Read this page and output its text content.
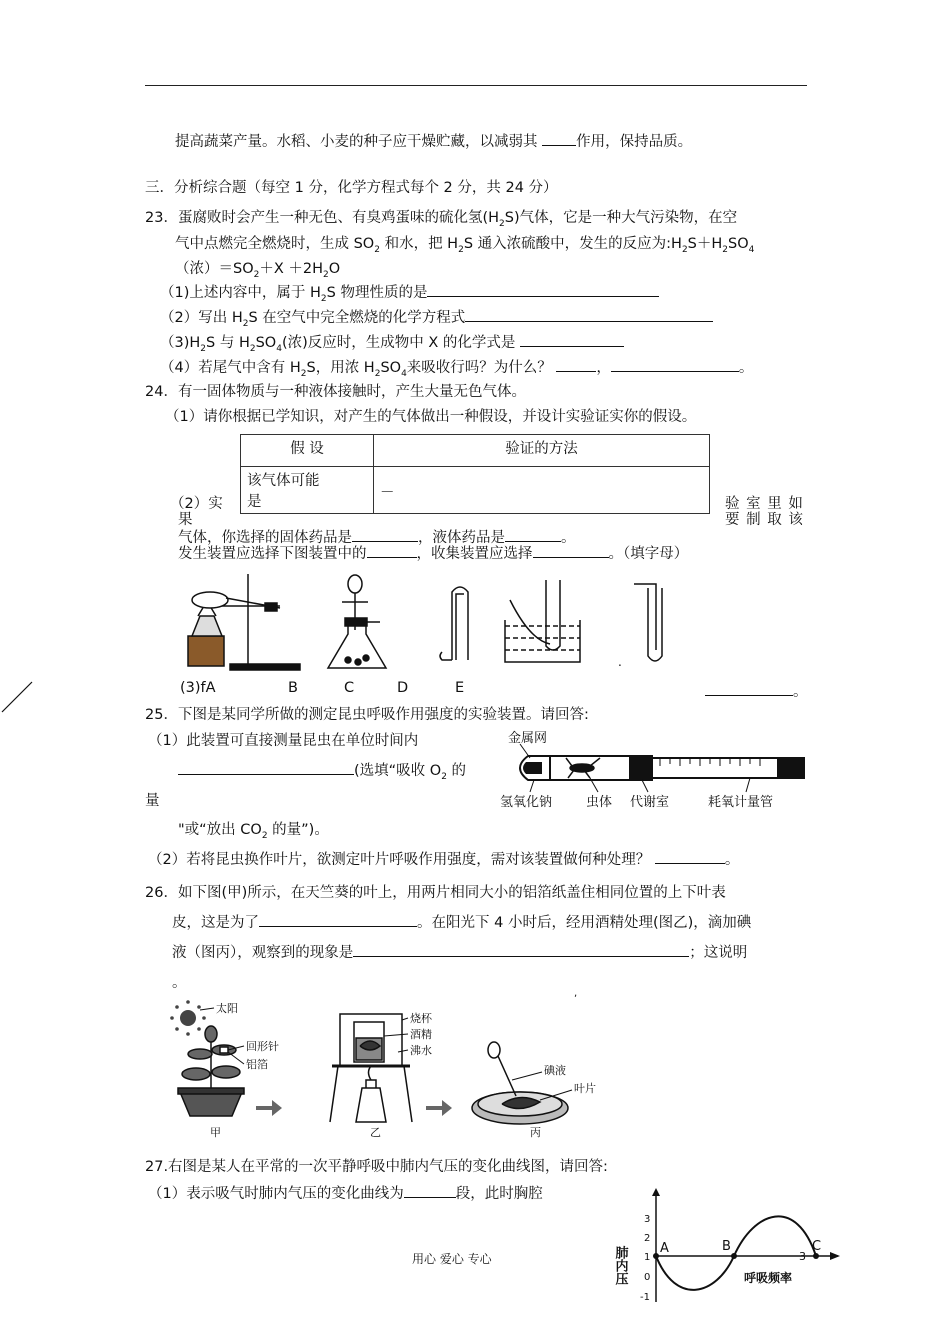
提高蔬菜产量。水稻、小麦的种子应干燥贮藏，以减弱其 作用，保持品质。
三．分析综合题（每空 1 分，化学方程式每个 2 分，共 24 分）
23．蛋腐败时会产生一种无色、有臭鸡蛋味的硫化氢$(H_2S)$气体，它是一种大气污染物，在空
气中点燃完全燃烧时，生成 $SO_2$ 和水，把 $H_2S$ 通入浓硫酸中，发生的反应为$:H_2S+H_2SO_4$
（浓）$=SO_2+X +2H_2O$
（1)上述内容中，属于 $H_2S$ 物理性质的是
（2）写出 $H_2S$ 在空气中完全燃烧的化学方程式
$(3)H_2S$ 与 $H_2SO_4$(浓)反应时，生成物中 X 的化学式是
（4）若尾气中含有 $H_2S$，用浓 $H_2SO_4$来吸收行吗？为什么？	，	。
24．有一固体物质与一种液体接触时，产生大量无色气体。
（1）请你根据已学知识，对产生的气体做出一种假设，并设计实验证实你的假设。
假 设	验证的方法

该气体可能
是	－
（2）实
果
验 室 里 如
要 制 取 该
气体，你选择的固体药品是	，液体药品是	。
发生装置应选择下图装置中的	，收集装置应选择	。（填字母）
.
(3)fA	B	C	D	E	。
25．下图是某同学所做的测定昆虫呼吸作用强度的实验装置。请回答:
（1）此装置可直接测量昆虫在单位时间内
(选填“吸收 $O_2$ 的
量
"或“放出 $CO_2$ 的量”)。
（2）若将昆虫换作叶片，欲测定叶片呼吸作用强度，需对该装置做何种处理？	。
金属网
氢氧化钠	虫体 代谢室	耗氧计量管
26．如下图(甲)所示，在天竺葵的叶上，用两片相同大小的铝箔纸盖住相同位置的上下叶表
皮，这是为了	。在阳光下 4 小时后，经用酒精处理(图乙)，滴加碘
液（图丙），观察到的现象是	；这说明
。
,
太阳
回形针
铝箔
烧杯
酒精
沸水
碘液
叶片
甲	乙	丙
27.右图是某人在平常的一次平静呼吸中肺内气压的变化曲线图，请回答:
（1）表示吸气时肺内气压的变化曲线为	段，此时胸腔
3
2
1
0
-1
A	B	C
3
呼吸频率
肺内压
用心 爱心 专心
